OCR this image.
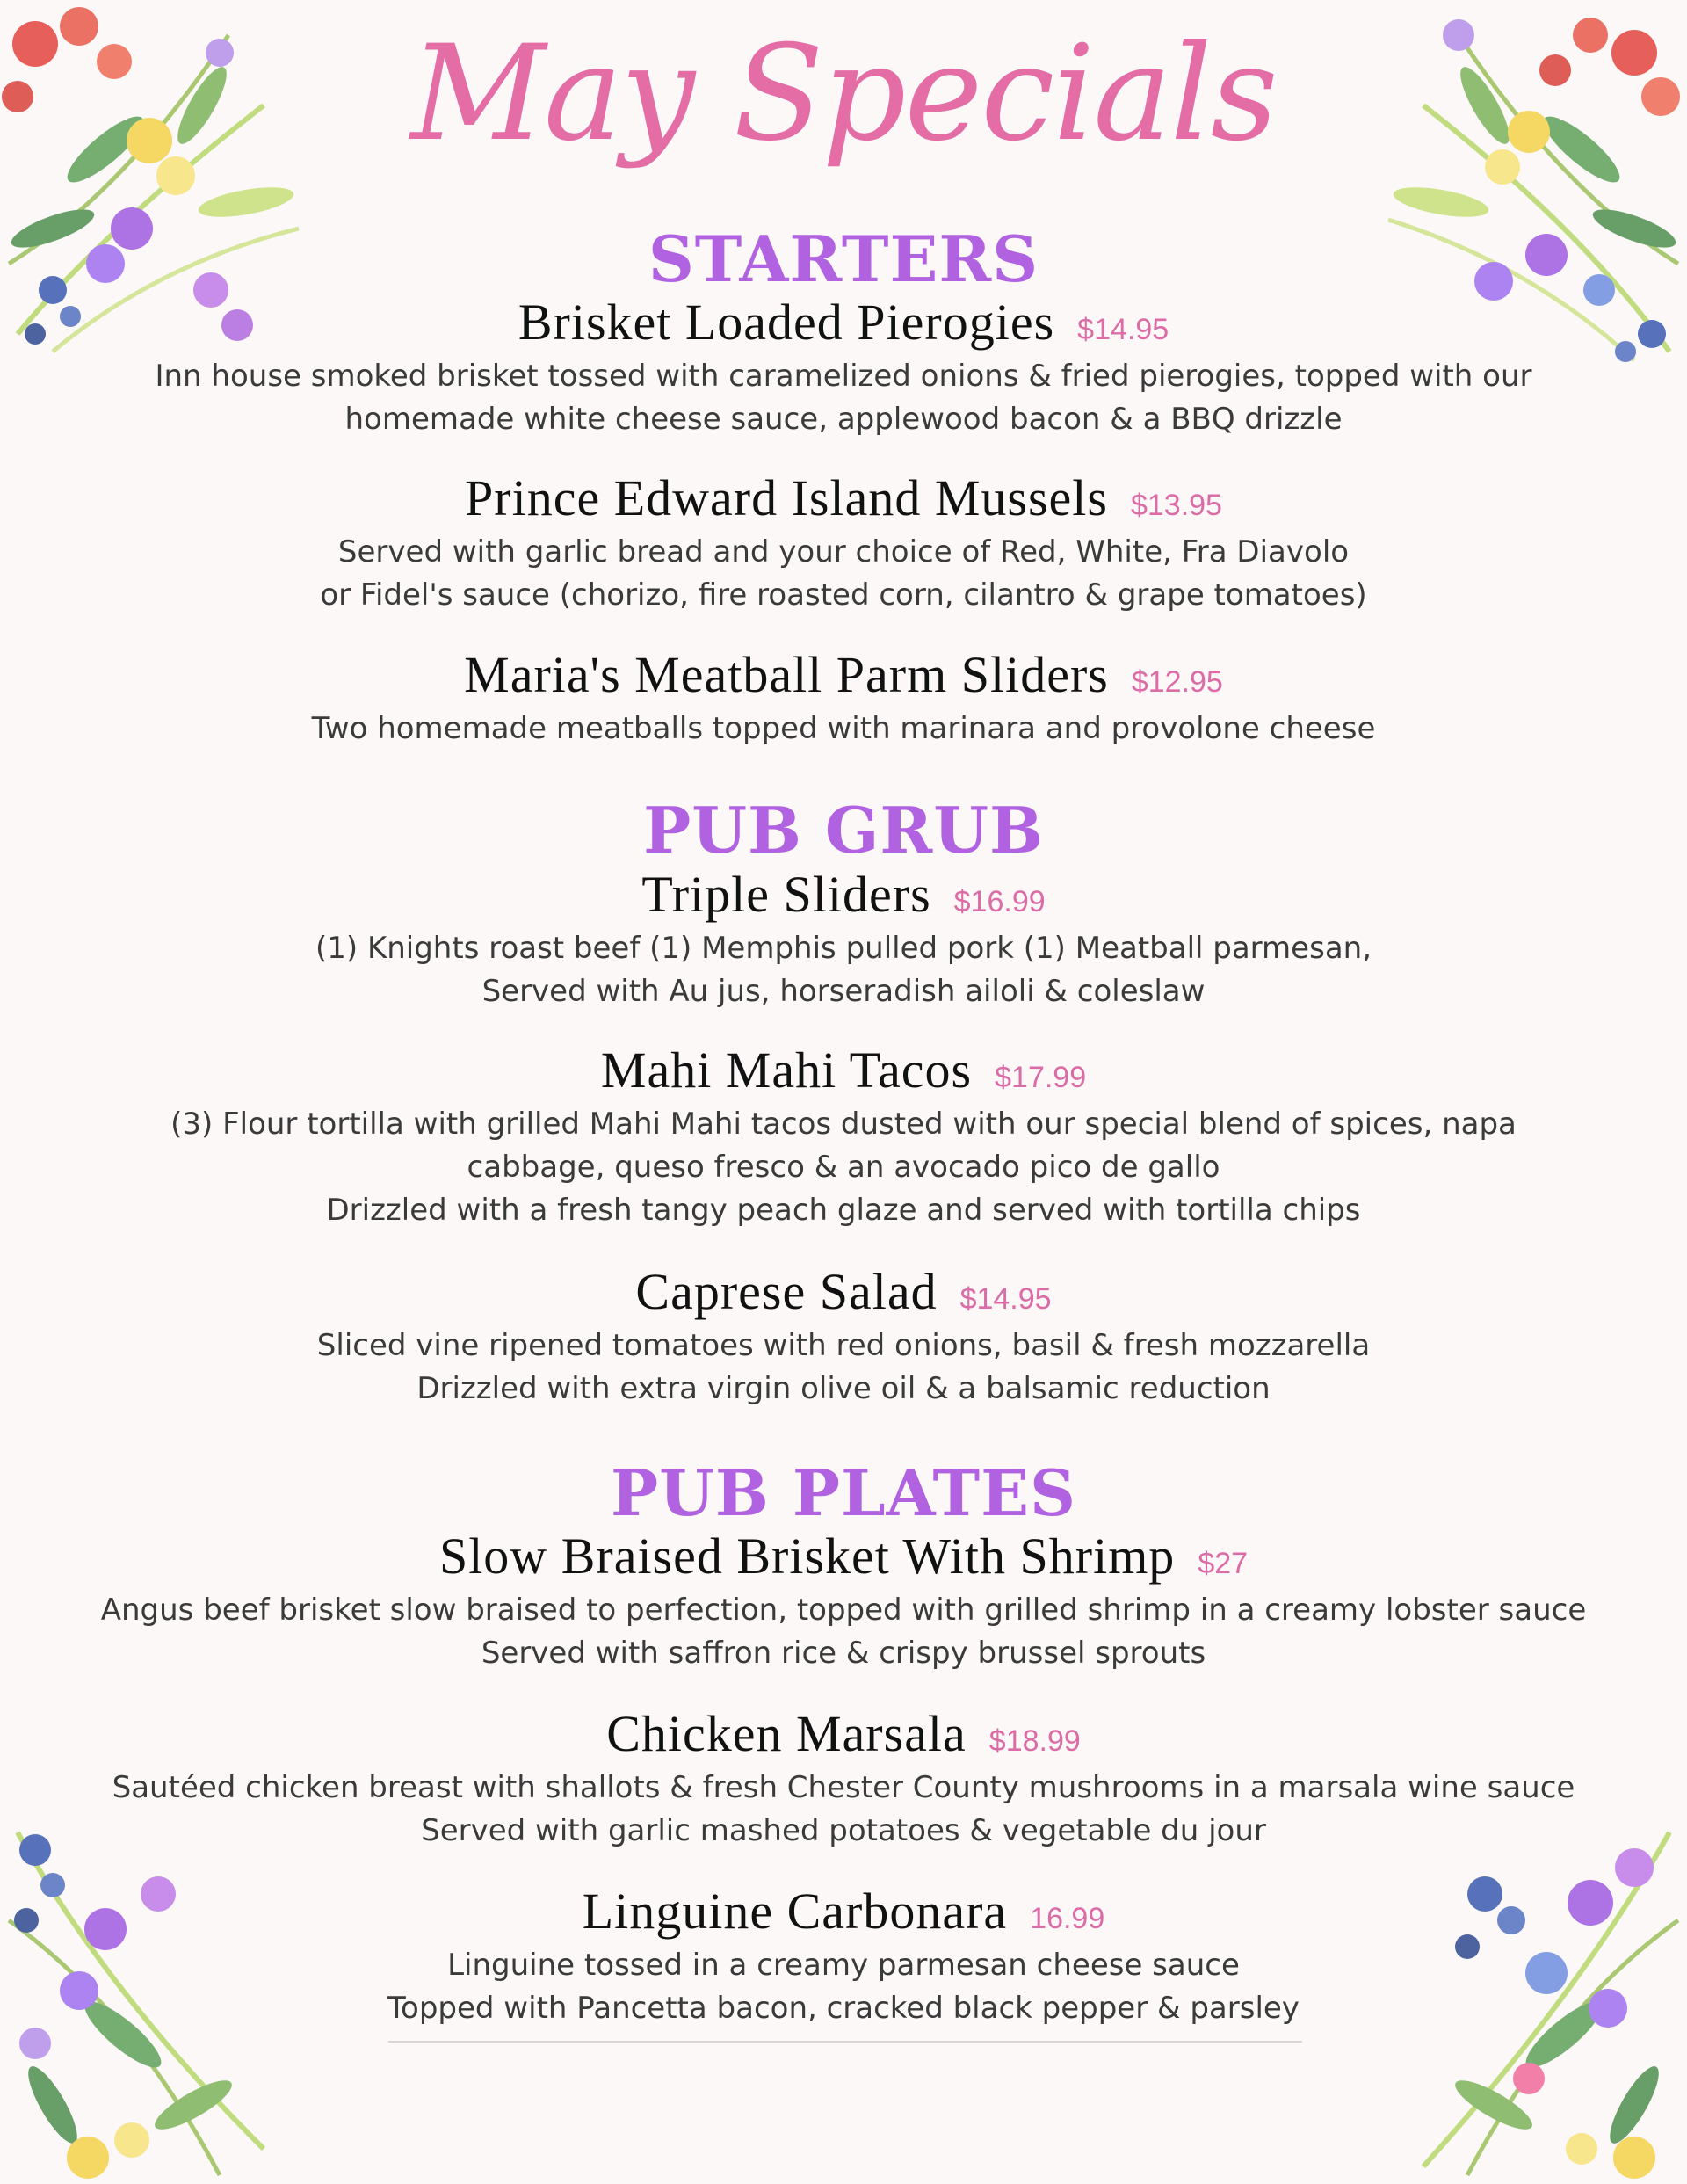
May Specials
STARTERS
Brisket Loaded Pierogies $14.95
Inn house smoked brisket tossed with caramelized onions & fried pierogies, topped with our
homemade white cheese sauce, applewood bacon & a BBQ drizzle
Prince Edward Island Mussels $13.95
Served with garlic bread and your choice of Red, White, Fra Diavolo
or Fidel's sauce (chorizo, fire roasted corn, cilantro & grape tomatoes)
Maria's Meatball Parm Sliders $12.95
Two homemade meatballs topped with marinara and provolone cheese
PUB GRUB
Triple Sliders $16.99
(1) Knights roast beef (1) Memphis pulled pork (1) Meatball parmesan,
Served with Au jus, horseradish ailoli & coleslaw
Mahi Mahi Tacos $17.99
(3) Flour tortilla with grilled Mahi Mahi tacos dusted with our special blend of spices, napa
cabbage, queso fresco & an avocado pico de gallo
Drizzled with a fresh tangy peach glaze and served with tortilla chips
Caprese Salad $14.95
Sliced vine ripened tomatoes with red onions, basil & fresh mozzarella
Drizzled with extra virgin olive oil & a balsamic reduction
PUB PLATES
Slow Braised Brisket With Shrimp $27
Angus beef brisket slow braised to perfection, topped with grilled shrimp in a creamy lobster sauce
Served with saffron rice & crispy brussel sprouts
Chicken Marsala $18.99
Sautéed chicken breast with shallots & fresh Chester County mushrooms in a marsala wine sauce
Served with garlic mashed potatoes & vegetable du jour
Linguine Carbonara 16.99
Linguine tossed in a creamy parmesan cheese sauce
Topped with Pancetta bacon, cracked black pepper & parsley
